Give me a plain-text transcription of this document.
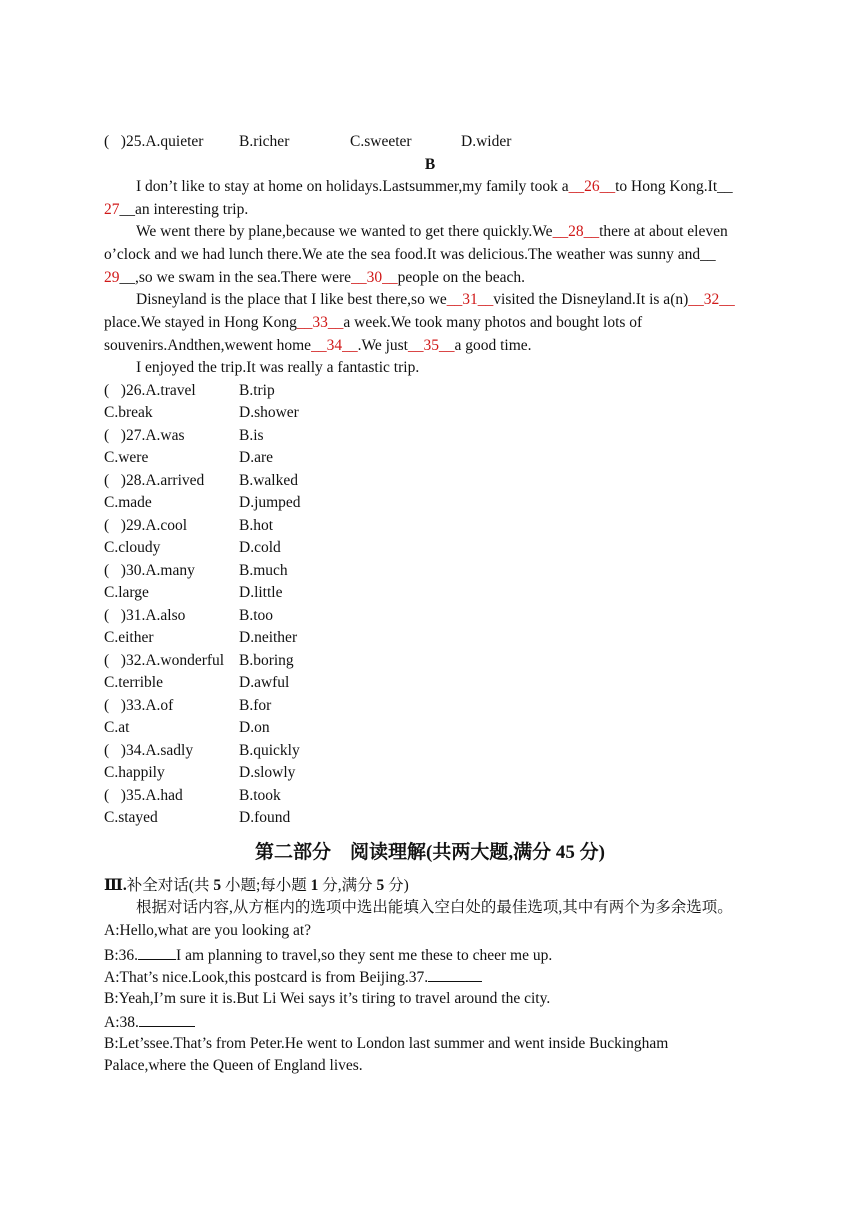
(   )25.A.quieter B.richer	C.sweeter	D.wider
B
I don’t like to stay at home on holidays.Lastsummer,my family took a__26__to Hong Kong.It__
27__an interesting trip.
We went there by plane,because we wanted to get there quickly.We__28__there at about eleven
o’clock and we had lunch there.We ate the sea food.It was delicious.The weather was sunny and__
29__,so we swam in the sea.There were__30__people on the beach.
Disneyland is the place that I like best there,so we__31__visited the Disneyland.It is a(n)__32__
place.We stayed in Hong Kong__33__a week.We took many photos and bought lots of
souvenirs.Andthen,wewent home__34__.We just__35__a good time.
I enjoyed the trip.It was really a fantastic trip.
(   )26.A.travel	B.trip
C.break	D.shower
(   )27.A.was	B.is
C.were	D.are
(   )28.A.arrived B.walked
C.made	D.jumped
(   )29.A.cool	B.hot
C.cloudy	D.cold
(   )30.A.many	B.much
C.large	D.little
(   )31.A.also	B.too
C.either	D.neither
(   )32.A.wonderful B.boring
C.terrible	D.awful
(   )33.A.of	B.for
C.at	D.on
(   )34.A.sadly	B.quickly
C.happily	D.slowly
(   )35.A.had	B.took
C.stayed	D.found
第二部分　阅读理解(共两大题,满分 45 分)
Ⅲ.补全对话(共 5 小题;每小题 1 分,满分 5 分)
根据对话内容,从方框内的选项中选出能填入空白处的最佳选项,其中有两个为多余选项。
A:Hello,what are you looking at?
B:36. I am planning to travel,so they sent me these to cheer me up.
A:That’s nice.Look,this postcard is from Beijing.37.
B:Yeah,I’m sure it is.But Li Wei says it’s tiring to travel around the city.
A:38.
B:Let’ssee.That’s from Peter.He went to London last summer and went inside Buckingham
Palace,where the Queen of England lives.
